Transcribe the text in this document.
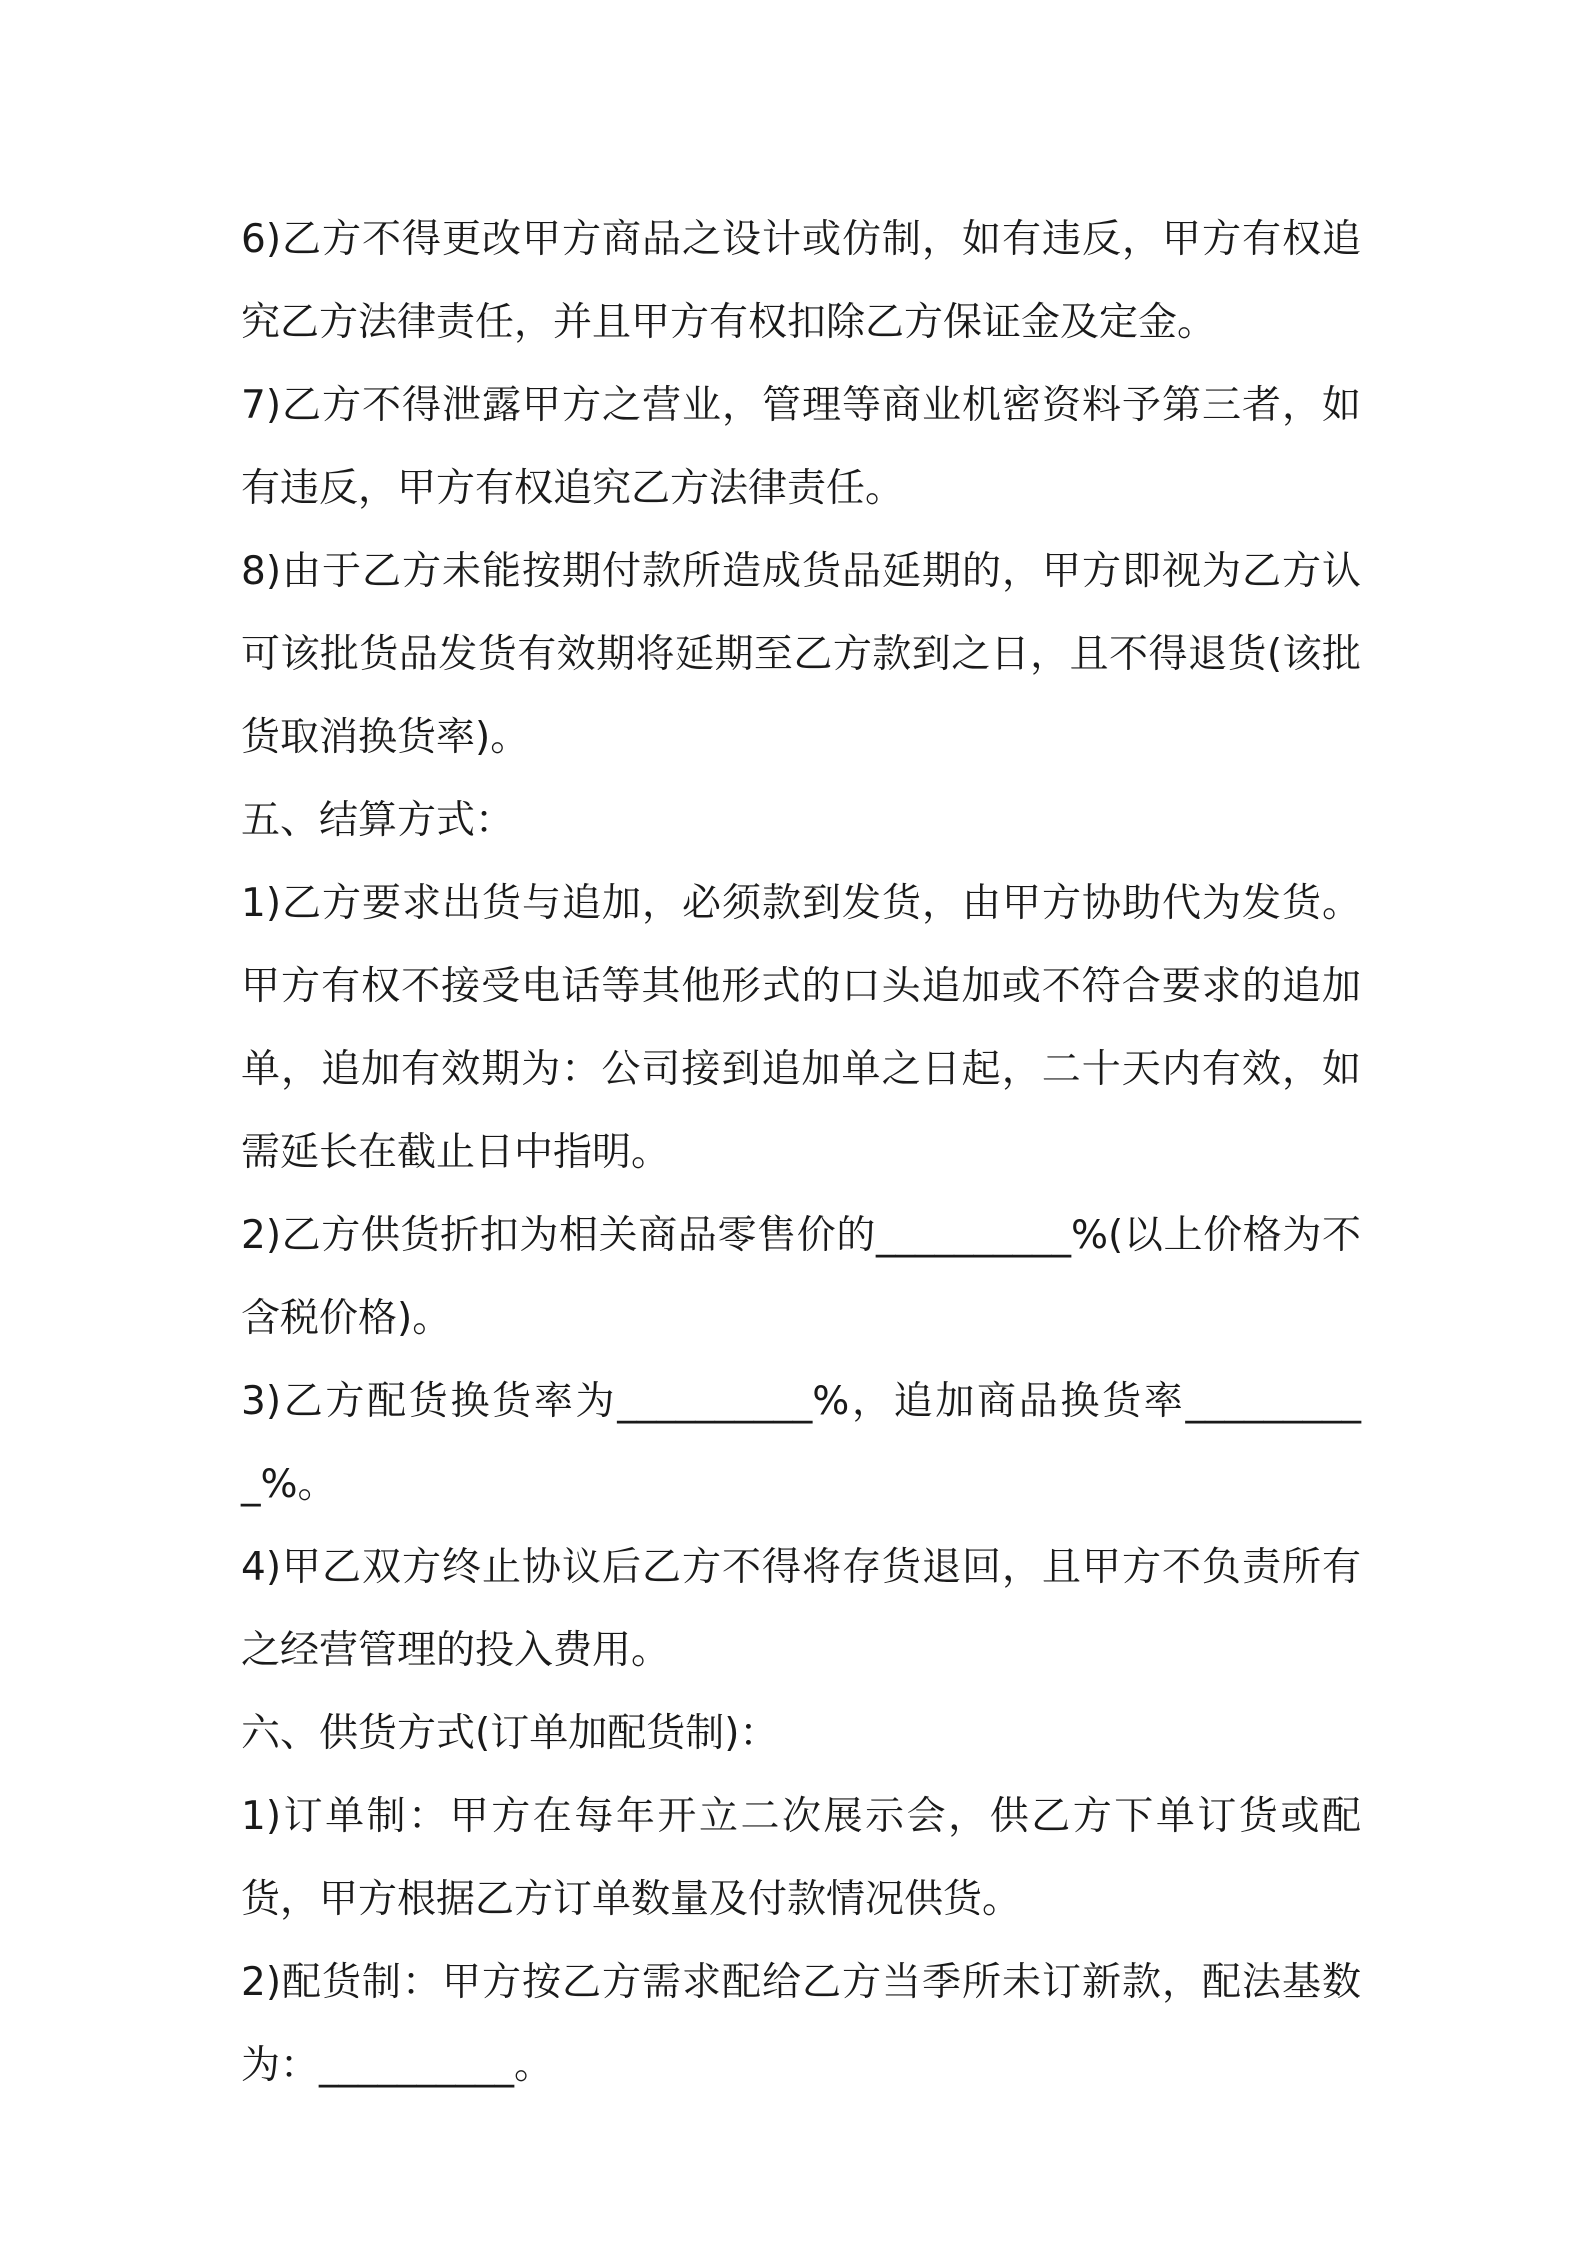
6)乙方不得更改甲方商品之设计或仿制，如有违反，甲方有权追究乙方法律责任，并且甲方有权扣除乙方保证金及定金。

7)乙方不得泄露甲方之营业，管理等商业机密资料予第三者，如有违反，甲方有权追究乙方法律责任。

8)由于乙方未能按期付款所造成货品延期的，甲方即视为乙方认可该批货品发货有效期将延期至乙方款到之日，且不得退货(该批货取消换货率)。

五、结算方式：

1)乙方要求出货与追加，必须款到发货，由甲方协助代为发货。甲方有权不接受电话等其他形式的口头追加或不符合要求的追加单，追加有效期为：公司接到追加单之日起，二十天内有效，如需延长在截止日中指明。

2)乙方供货折扣为相关商品零售价的__________%(以上价格为不含税价格)。

3)乙方配货换货率为__________%，追加商品换货率__________%。

4)甲乙双方终止协议后乙方不得将存货退回，且甲方不负责所有之经营管理的投入费用。

六、供货方式(订单加配货制)：

1)订单制：甲方在每年开立二次展示会，供乙方下单订货或配货，甲方根据乙方订单数量及付款情况供货。

2)配货制：甲方按乙方需求配给乙方当季所未订新款，配法基数为：__________。
